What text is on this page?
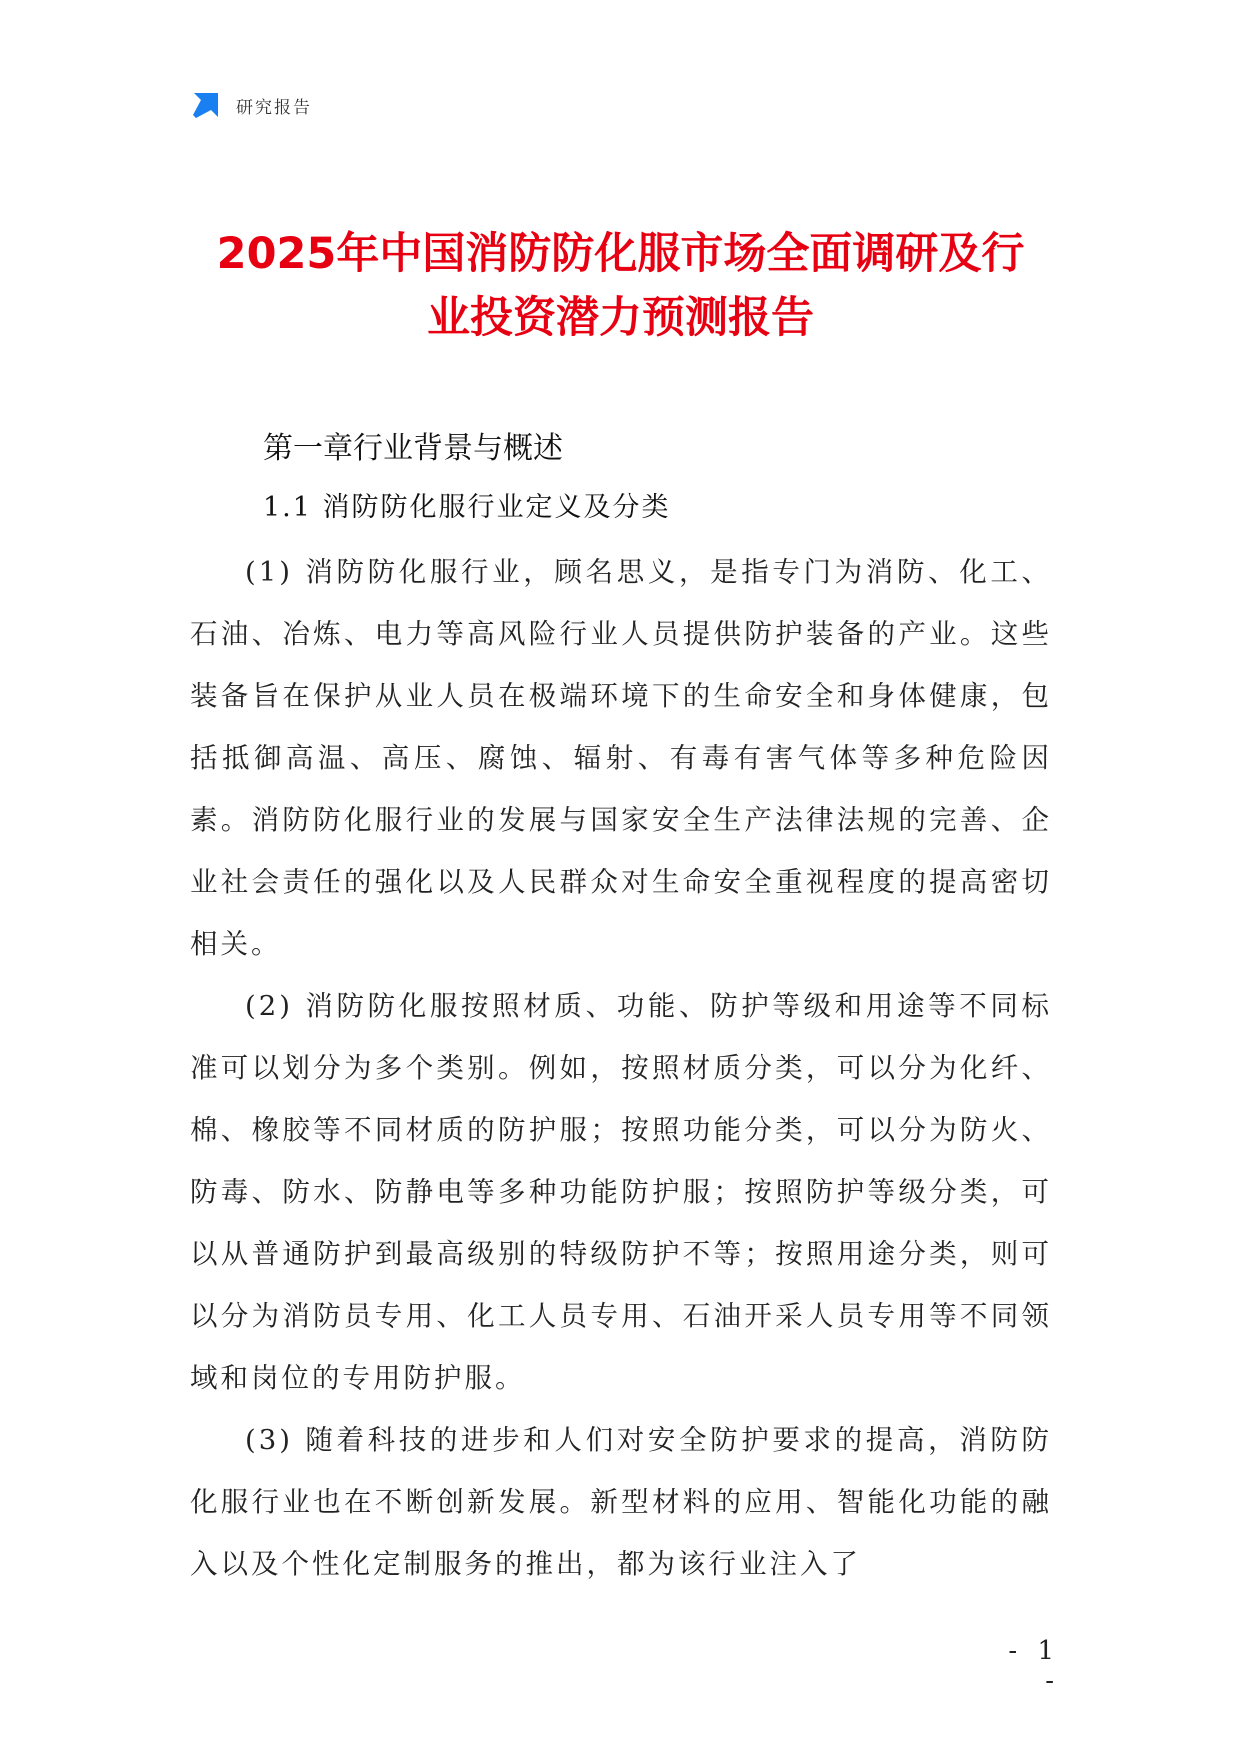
研究报告
2025年中国消防防化服市场全面调研及行
业投资潜力预测报告
第一章行业背景与概述
1.1 消防防化服行业定义及分类

(1) 消防防化服行业，顾名思义，是指专门为消防、化工、石油、冶炼、电力等高风险行业人员提供防护装备的产业。这些装备旨在保护从业人员在极端环境下的生命安全和身体健康，包括抵御高温、高压、腐蚀、辐射、有毒有害气体等多种危险因素。消防防化服行业的发展与国家安全生产法律法规的完善、企业社会责任的强化以及人民群众对生命安全重视程度的提高密切相关。

(2) 消防防化服按照材质、功能、防护等级和用途等不同标准可以划分为多个类别。例如，按照材质分类，可以分为化纤、棉、橡胶等不同材质的防护服；按照功能分类，可以分为防火、防毒、防水、防静电等多种功能防护服；按照防护等级分类，可以从普通防护到最高级别的特级防护不等；按照用途分类，则可以分为消防员专用、化工人员专用、石油开采人员专用等不同领域和岗位的专用防护服。

(3) 随着科技的进步和人们对安全防护要求的提高，消防防化服行业也在不断创新发展。新型材料的应用、智能化功能的融入以及个性化定制服务的推出，都为该行业注入了

- 1 -
